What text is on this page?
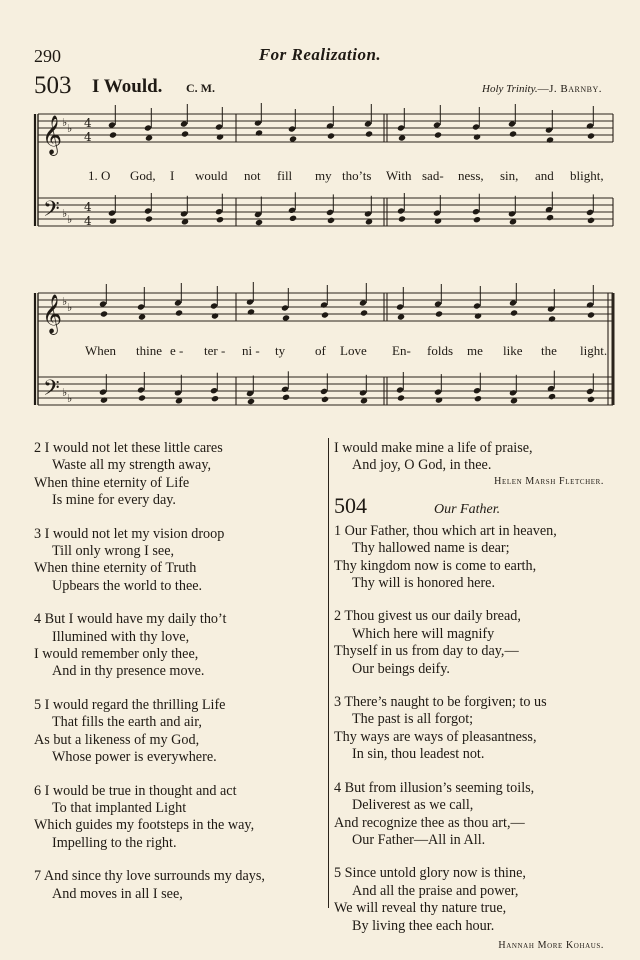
290	For Realization.
503 I Would. C. M.	Holy Trinity.—J. Barnby.
𝄞
𝄢
♭ ♭
♭ ♭
4
4
4
4
𝄞
𝄢
♭ ♭
♭ ♭
1. O God, I would not fill my tho’ts With sad- ness, sin, and blight,
When thine e - ter - ni - ty of Love En- folds me like the light.
2 I would not let these little cares
Waste all my strength away,
When thine eternity of Life
Is mine for every day.
3 I would not let my vision droop
Till only wrong I see,
When thine eternity of Truth
Upbears the world to thee.
4 But I would have my daily tho’t
Illumined with thy love,
I would remember only thee,
And in thy presence move.
5 I would regard the thrilling Life
That fills the earth and air,
As but a likeness of my God,
Whose power is everywhere.
6 I would be true in thought and act
To that implanted Light
Which guides my footsteps in the way,
Impelling to the right.
7 And since thy love surrounds my days,
And moves in all I see,
I would make mine a life of praise,
And joy, O God, in thee.
Helen Marsh Fletcher.
504	Our Father.
1 Our Father, thou which art in heaven,
Thy hallowed name is dear;
Thy kingdom now is come to earth,
Thy will is honored here.
2 Thou givest us our daily bread,
Which here will magnify
Thyself in us from day to day,—
Our beings deify.
3 There’s naught to be forgiven; to us
The past is all forgot;
Thy ways are ways of pleasantness,
In sin, thou leadest not.
4 But from illusion’s seeming toils,
Deliverest as we call,
And recognize thee as thou art,—
Our Father—All in All.
5 Since untold glory now is thine,
And all the praise and power,
We will reveal thy nature true,
By living thee each hour.
Hannah More Kohaus.
